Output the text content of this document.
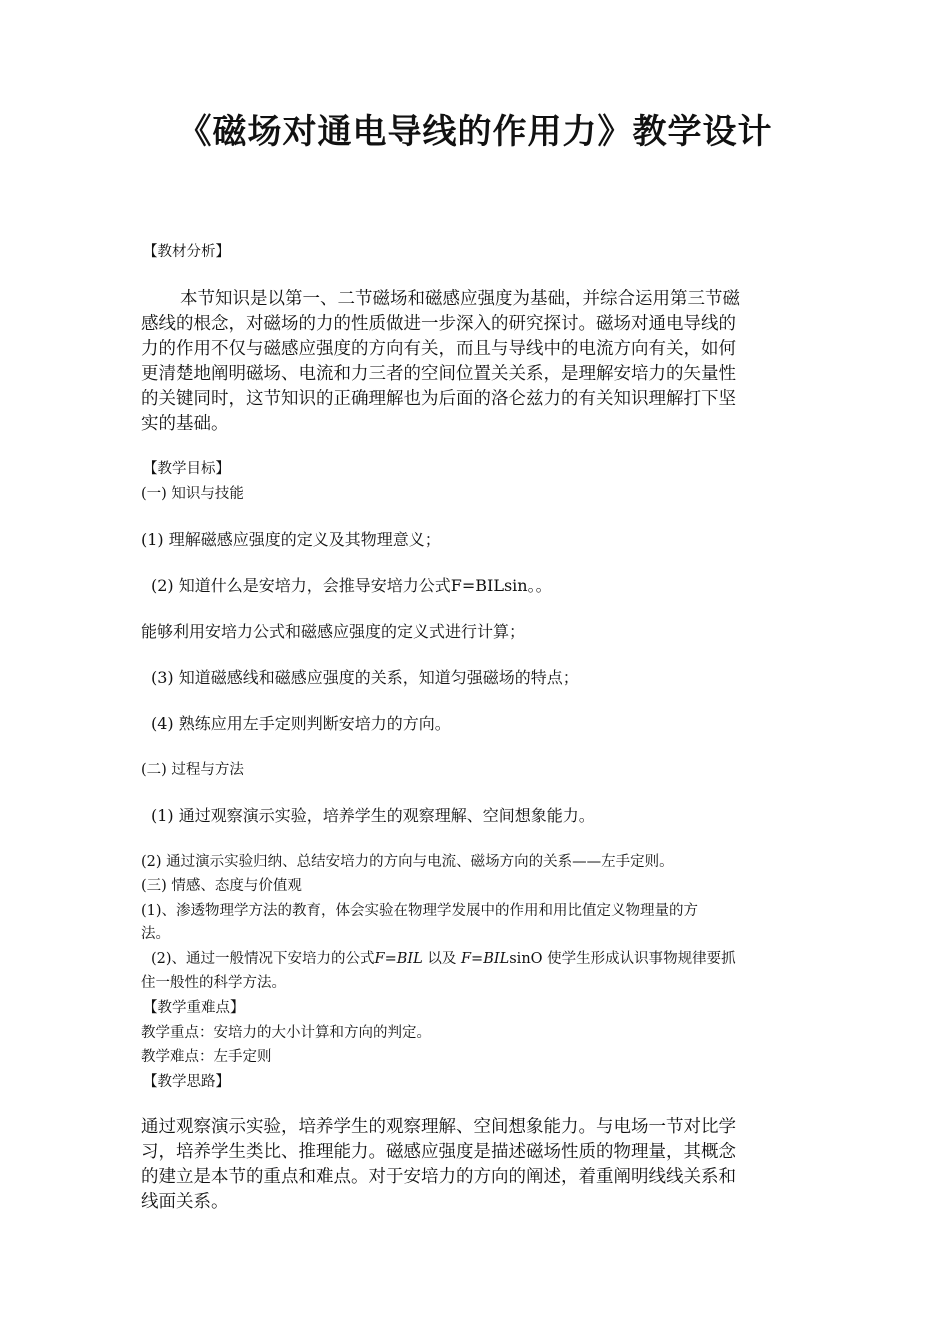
《磁场对通电导线的作用力》教学设计
【教材分析】
本节知识是以第一、二节磁场和磁感应强度为基础，并综合运用第三节磁
感线的根念，对磁场的力的性质做进一步深入的研究探讨。磁场对通电导线的
力的作用不仅与磁感应强度的方向有关，而且与导线中的电流方向有关，如何
更清楚地阐明磁场、电流和力三者的空间位置关关系，是理解安培力的矢量性
的关键同时，这节知识的正确理解也为后面的洛仑兹力的有关知识理解打下坚
实的基础。
【教学目标】
(一) 知识与技能
(1) 理解磁感应强度的定义及其物理意义；
(2) 知道什么是安培力，会推导安培力公式F=BILsin。。
能够利用安培力公式和磁感应强度的定义式进行计算；
(3) 知道磁感线和磁感应强度的关系，知道匀强磁场的特点；
(4) 熟练应用左手定则判断安培力的方向。
(二) 过程与方法
(1) 通过观察演示实验，培养学生的观察理解、空间想象能力。
(2) 通过演示实验归纳、总结安培力的方向与电流、磁场方向的关系——左手定则。
(三) 情感、态度与价值观
(1)、渗透物理学方法的教育，体会实验在物理学发展中的作用和用比值定义物理量的方
法。
(2)、通过一般情况下安培力的公式F=BIL 以及 F=BILsinO 使学生形成认识事物规律要抓
住一般性的科学方法。
【教学重难点】
教学重点：安培力的大小计算和方向的判定。
教学难点：左手定则
【教学思路】
通过观察演示实验，培养学生的观察理解、空间想象能力。与电场一节对比学
习，培养学生类比、推理能力。磁感应强度是描述磁场性质的物理量，其概念
的建立是本节的重点和难点。对于安培力的方向的阐述，着重阐明线线关系和
线面关系。
